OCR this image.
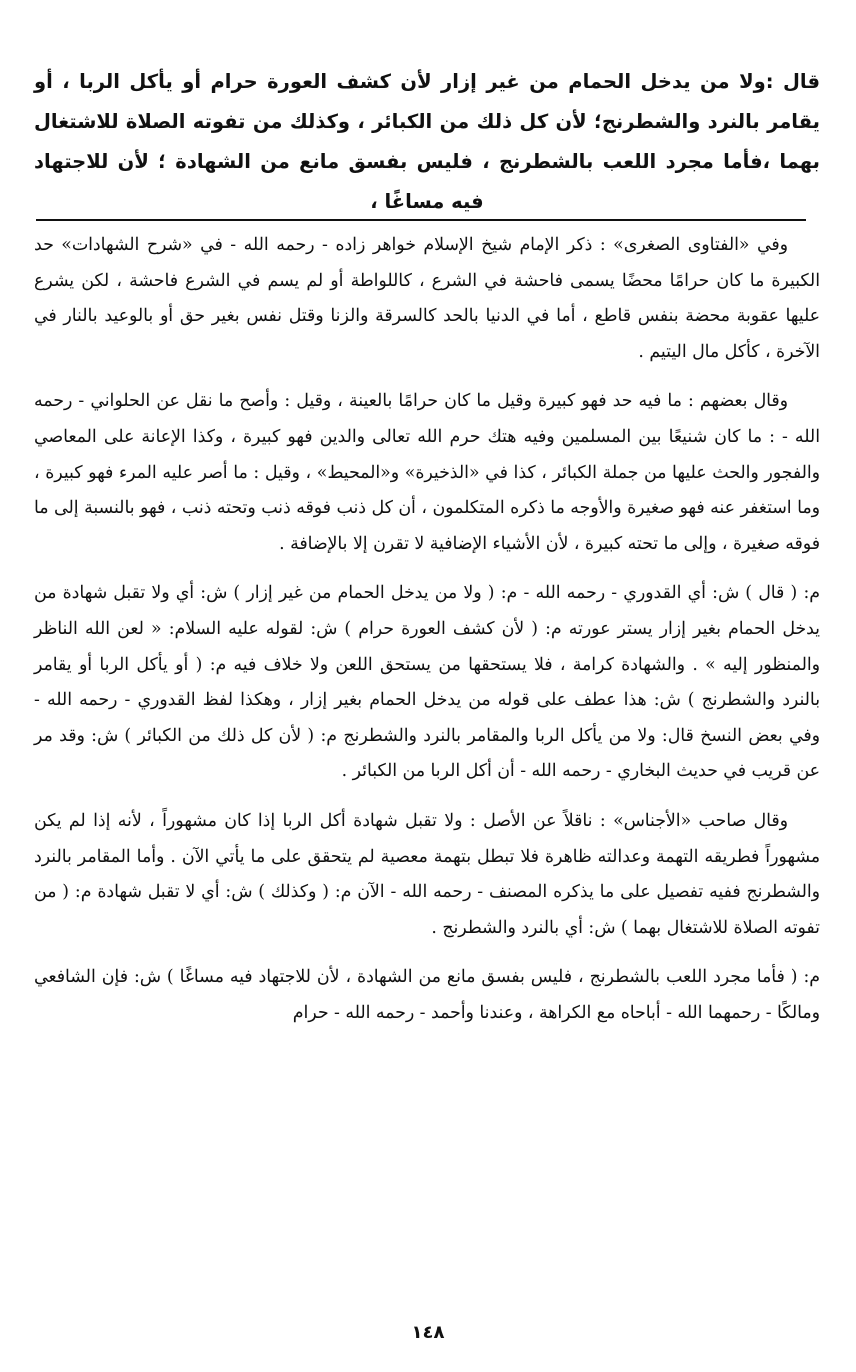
قال :ولا من يدخل الحمام من غير إزار لأن كشف العورة حرام أو يأكل الربا ، أو يقامر بالنرد والشطرنج؛ لأن كل ذلك من الكبائر ، وكذلك من تفوته الصلاة للاشتغال بهما ،فأما مجرد اللعب بالشطرنج ، فليس بفسق مانع من الشهادة ؛ لأن للاجتهاد فيه مساغًا ،

وفي «الفتاوى الصغرى» : ذكر الإمام شيخ الإسلام خواهر زاده - رحمه الله - في «شرح الشهادات» حد الكبيرة ما كان حرامًا محضًا يسمى فاحشة في الشرع ، كاللواطة أو لم يسم في الشرع فاحشة ، لكن يشرع عليها عقوبة محضة بنفس قاطع ، أما في الدنيا بالحد كالسرقة والزنا وقتل نفس بغير حق أو بالوعيد بالنار في الآخرة ، كأكل مال اليتيم .

وقال بعضهم : ما فيه حد فهو كبيرة وقيل ما كان حرامًا بالعينة ، وقيل : وأصح ما نقل عن الحلواني - رحمه الله - : ما كان شنيعًا بين المسلمين وفيه هتك حرم الله تعالى والدين فهو كبيرة ، وكذا الإعانة على المعاصي والفجور والحث عليها من جملة الكبائر ، كذا في «الذخيرة» و«المحيط» ، وقيل : ما أصر عليه المرء فهو كبيرة ، وما استغفر عنه فهو صغيرة والأوجه ما ذكره المتكلمون ، أن كل ذنب فوقه ذنب وتحته ذنب ، فهو بالنسبة إلى ما فوقه صغيرة ، وإلى ما تحته كبيرة ، لأن الأشياء الإضافية لا تقرن إلا بالإضافة .

م: ( قال ) ش: أي القدوري - رحمه الله - م: ( ولا من يدخل الحمام من غير إزار ) ش: أي ولا تقبل شهادة من يدخل الحمام بغير إزار يستر عورته م: ( لأن كشف العورة حرام ) ش: لقوله عليه السلام: « لعن الله الناظر والمنظور إليه » . والشهادة كرامة ، فلا يستحقها من يستحق اللعن ولا خلاف فيه م: ( أو يأكل الربا أو يقامر بالنرد والشطرنج ) ش: هذا عطف على قوله من يدخل الحمام بغير إزار ، وهكذا لفظ القدوري - رحمه الله - وفي بعض النسخ قال: ولا من يأكل الربا والمقامر بالنرد والشطرنج م: ( لأن كل ذلك من الكبائر ) ش: وقد مر عن قريب في حديث البخاري - رحمه الله - أن أكل الربا من الكبائر .

وقال صاحب «الأجناس» : ناقلاً عن الأصل : ولا تقبل شهادة أكل الربا إذا كان مشهوراً ، لأنه إذا لم يكن مشهوراً فطريقه التهمة وعدالته ظاهرة فلا تبطل بتهمة معصية لم يتحقق على ما يأتي الآن . وأما المقامر بالنرد والشطرنج ففيه تفصيل على ما يذكره المصنف - رحمه الله - الآن م: ( وكذلك ) ش: أي لا تقبل شهادة م: ( من تفوته الصلاة للاشتغال بهما ) ش: أي بالنرد والشطرنج .

م: ( فأما مجرد اللعب بالشطرنج ، فليس بفسق مانع من الشهادة ، لأن للاجتهاد فيه مساغًا ) ش: فإن الشافعي ومالكًا - رحمهما الله - أباحاه مع الكراهة ، وعندنا وأحمد - رحمه الله - حرام

١٤٨
